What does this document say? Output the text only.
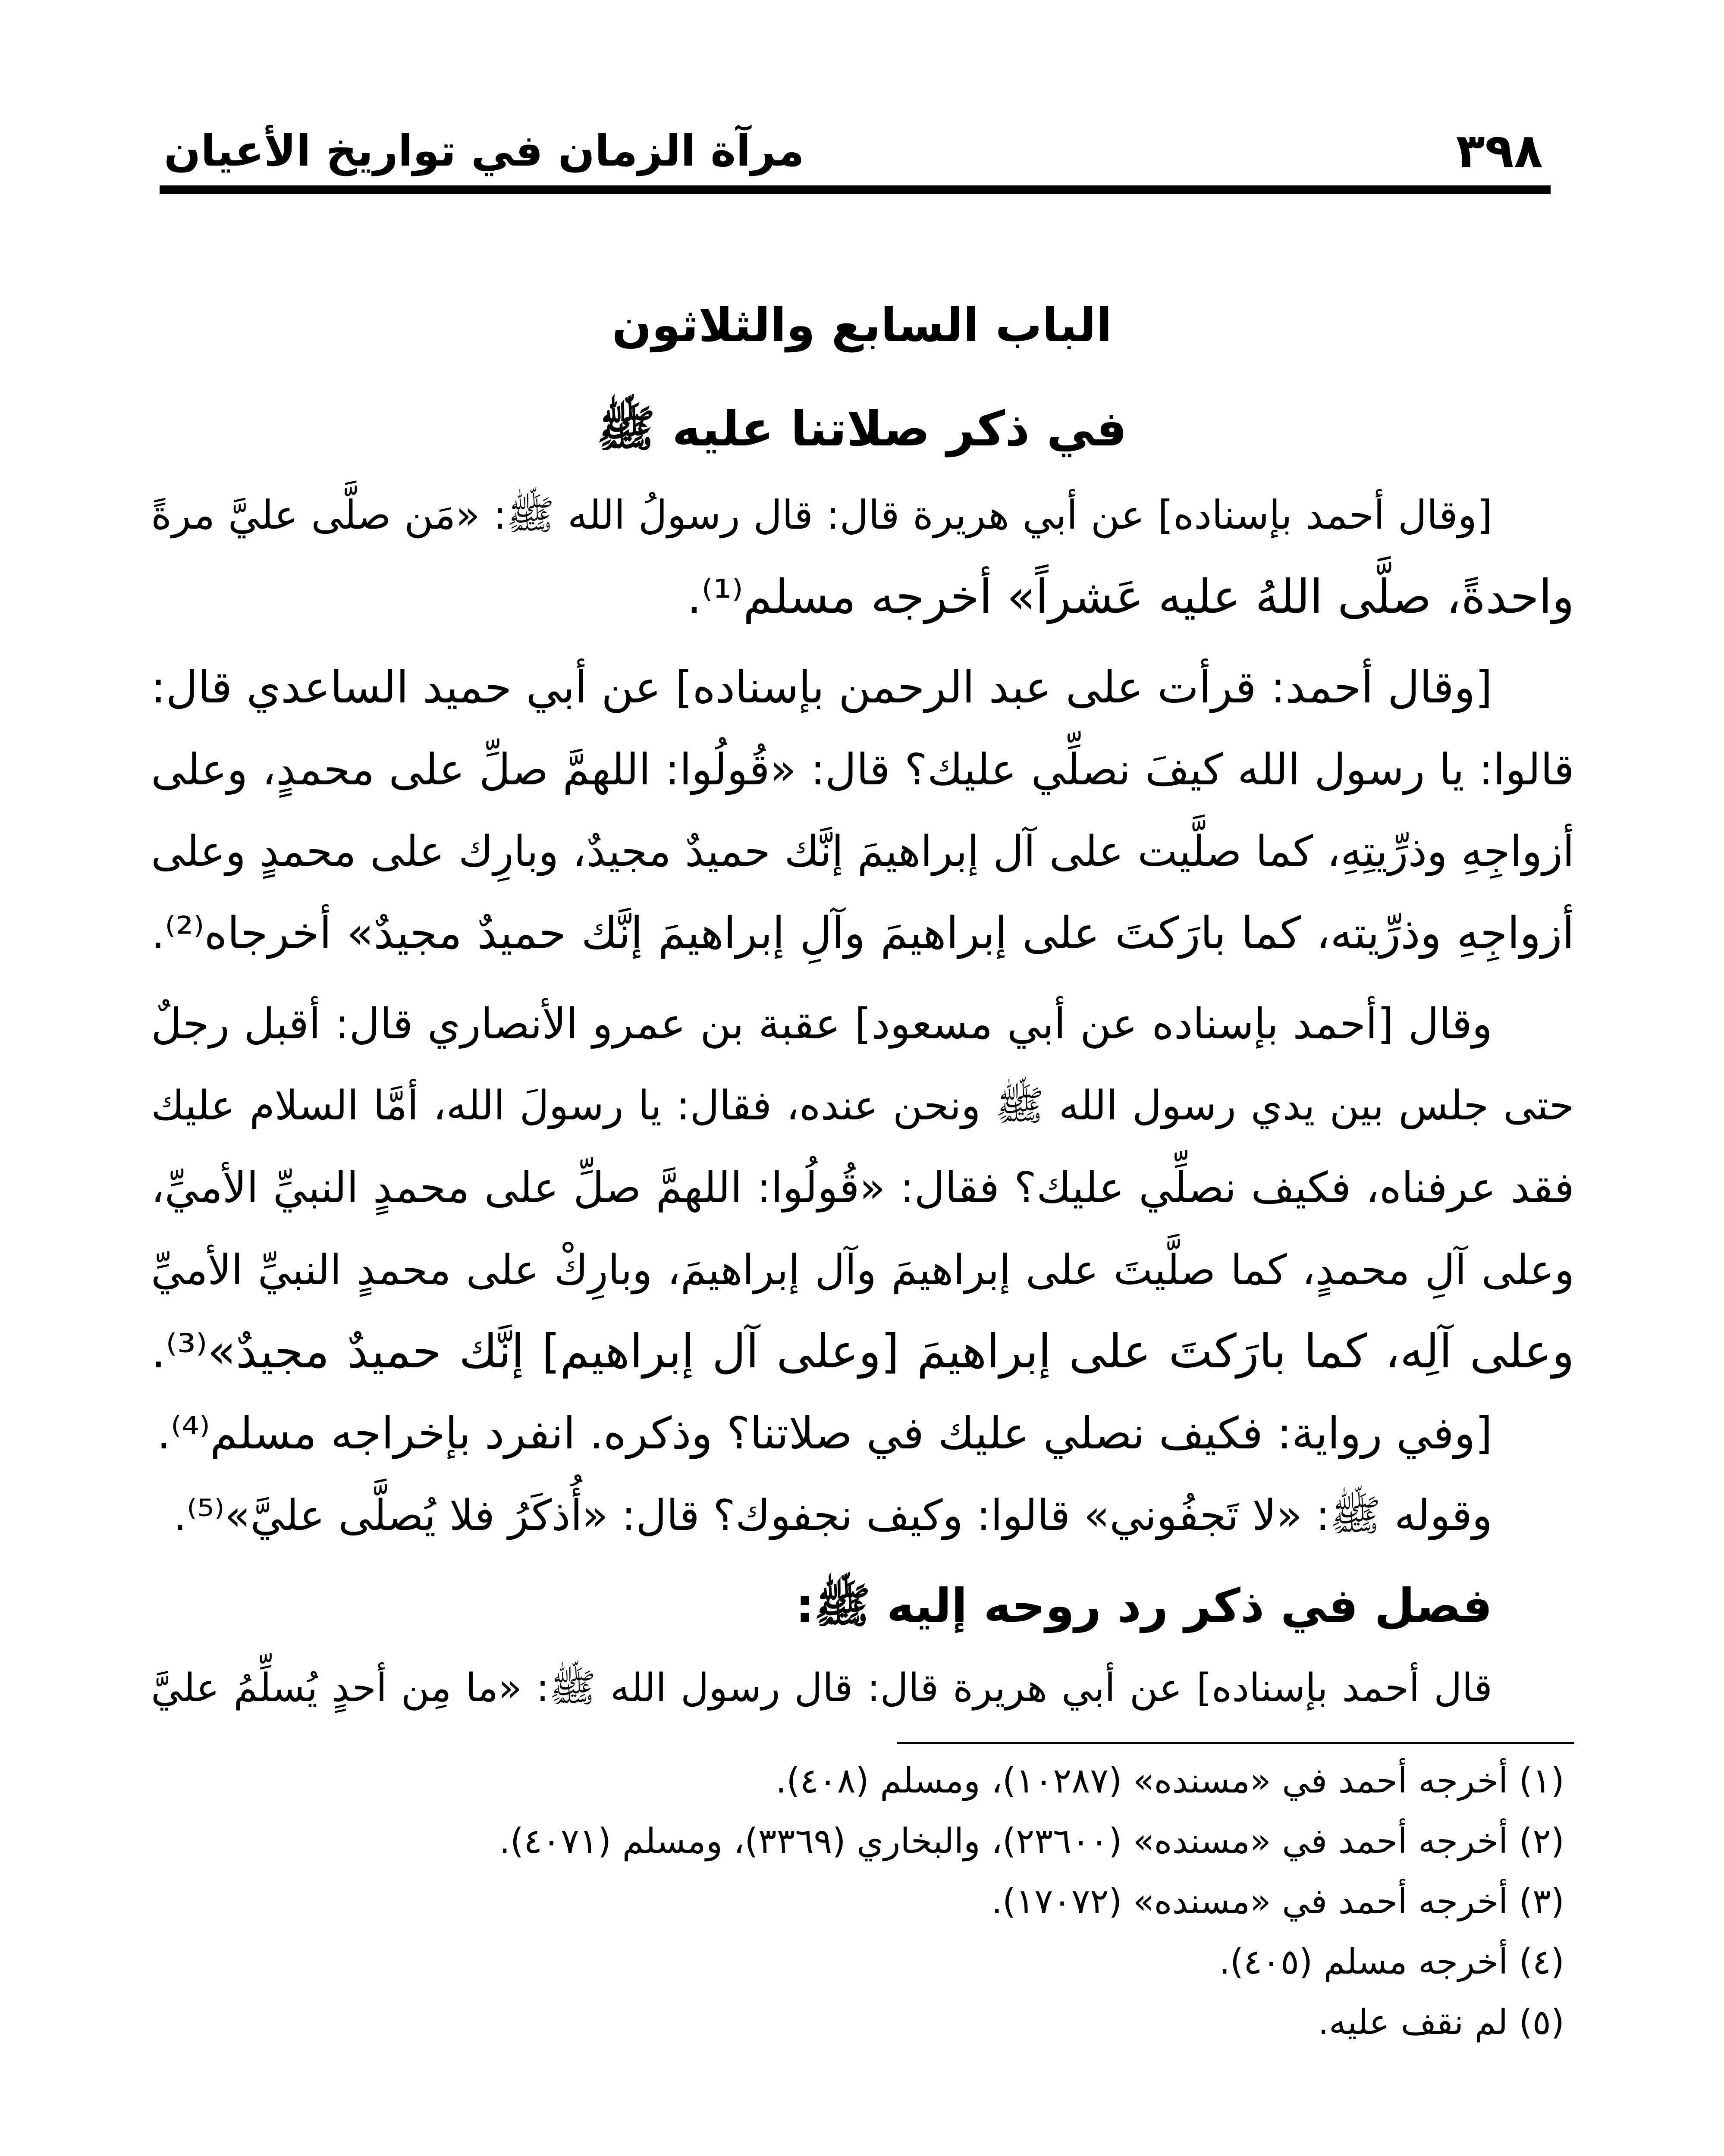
٣٩٨
مرآة الزمان في تواريخ الأعيان
الباب السابع والثلاثون
في ذكر صلاتنا عليه ﷺ
[وقال أحمد بإسناده] عن أبي هريرة قال: قال رسولُ الله ﷺ: «مَن صلَّى عليَّ مرةً
واحدةً، صلَّى اللهُ عليه عَشراً» أخرجه مسلم⁽¹⁾.
[وقال أحمد: قرأت على عبد الرحمن بإسناده] عن أبي حميد الساعدي قال:
قالوا: يا رسول الله كيفَ نصلِّي عليك؟ قال: «قُولُوا: اللهمَّ صلِّ على محمدٍ، وعلى
أزواجِهِ وذرِّيتِهِ، كما صلَّيت على آل إبراهيمَ إنَّك حميدٌ مجيدٌ، وبارِك على محمدٍ وعلى
أزواجِهِ وذرِّيته، كما بارَكتَ على إبراهيمَ وآلِ إبراهيمَ إنَّك حميدٌ مجيدٌ» أخرجاه⁽²⁾.
وقال [أحمد بإسناده عن أبي مسعود] عقبة بن عمرو الأنصاري قال: أقبل رجلٌ
حتى جلس بين يدي رسول الله ﷺ ونحن عنده، فقال: يا رسولَ الله، أمَّا السلام عليك
فقد عرفناه، فكيف نصلِّي عليك؟ فقال: «قُولُوا: اللهمَّ صلِّ على محمدٍ النبيِّ الأميِّ،
وعلى آلِ محمدٍ، كما صلَّيتَ على إبراهيمَ وآل إبراهيمَ، وبارِكْ على محمدٍ النبيِّ الأميِّ
وعلى آلِه، كما بارَكتَ على إبراهيمَ [وعلى آل إبراهيم] إنَّك حميدٌ مجيدٌ»⁽³⁾.
[وفي رواية: فكيف نصلي عليك في صلاتنا؟ وذكره. انفرد بإخراجه مسلم⁽⁴⁾.
وقوله ﷺ: «لا تَجفُوني» قالوا: وكيف نجفوك؟ قال: «أُذكَرُ فلا يُصلَّى عليَّ»⁽⁵⁾.
فصل في ذكر رد روحه إليه ﷺ:
قال أحمد بإسناده] عن أبي هريرة قال: قال رسول الله ﷺ: «ما مِن أحدٍ يُسلِّمُ عليَّ
(١) أخرجه أحمد في «مسنده» (١٠٢٨٧)، ومسلم (٤٠٨).
(٢) أخرجه أحمد في «مسنده» (٢٣٦٠٠)، والبخاري (٣٣٦٩)، ومسلم (٤٠٧١).
(٣) أخرجه أحمد في «مسنده» (١٧٠٧٢).
(٤) أخرجه مسلم (٤٠٥).
(٥) لم نقف عليه.
